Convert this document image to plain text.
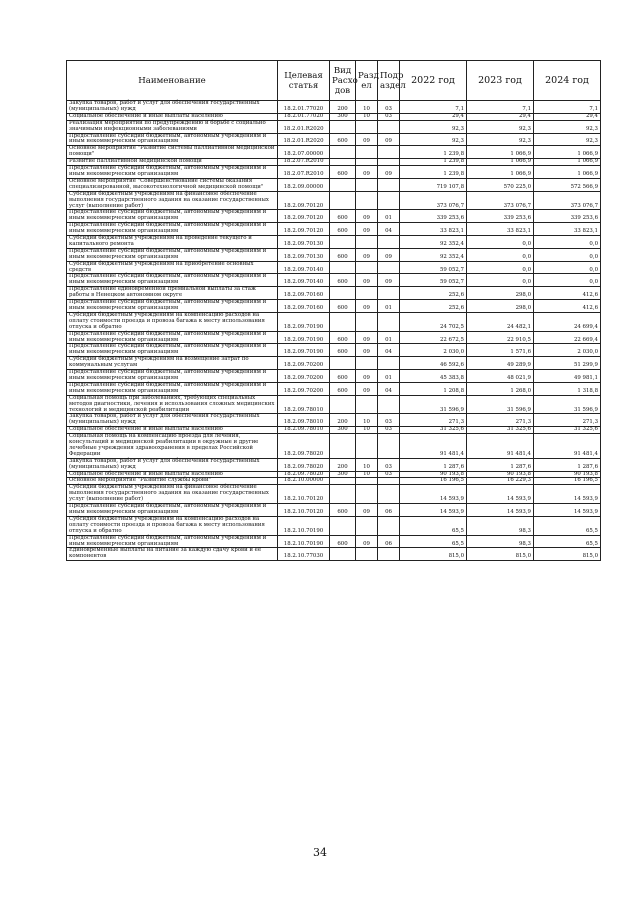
Наименование	Целевая статья	Вид Расхо дов	Разд ел	Подр аздел	2022 год	2023 год	2024 год
Закупка товаров, работ и услуг для обеспечения государственных (муниципальных) нужд	18.2.01.77020	200	10	03	7,1	7,1	7,1
Социальное обеспечение и иные выплаты населению	18.2.01.77020	300	10	03	29,4	29,4	29,4
Реализация мероприятий по предупреждению и борьбе с социально значимыми инфекционными заболеваниями	18.2.01.R2020				92,3	92,3	92,3
Предоставление субсидий бюджетным, автономным учреждениям и иным некоммерческим организациям	18.2.01.R2020	600	09	09	92,3	92,3	92,3
Основное мероприятие "Развитие системы паллиативной медицинской помощи"	18.2.07.00000				1 239,8	1 066,9	1 066,9
Развитие паллиативной медицинской помощи	18.2.07.R2010				1 239,8	1 066,9	1 066,9
Предоставление субсидий бюджетным, автономным учреждениям и иным некоммерческим организациям	18.2.07.R2010	600	09	09	1 239,8	1 066,9	1 066,9
Основное мероприятие "Совершенствование системы оказания специализированной, высокотехнологичной медицинской помощи"	18.2.09.00000				719 107,8	570 225,0	572 566,9
Субсидии бюджетным учреждениям на финансовое обеспечение выполнения государственного задания на оказание государственных услуг (выполнение работ)	18.2.09.70120				373 076,7	373 076,7	373 076,7
Предоставление субсидий бюджетным, автономным учреждениям и иным некоммерческим организациям	18.2.09.70120	600	09	01	339 253,6	339 253,6	339 253,6
Предоставление субсидий бюджетным, автономным учреждениям и иным некоммерческим организациям	18.2.09.70120	600	09	04	33 823,1	33 823,1	33 823,1
Субсидии бюджетным учреждениям на проведение текущего и капитального ремонта	18.2.09.70130				92 352,4	0,0	0,0
Предоставление субсидий бюджетным, автономным учреждениям и иным некоммерческим организациям	18.2.09.70130	600	09	09	92 352,4	0,0	0,0
Субсидии бюджетным учреждениям на приобретение основных средств	18.2.09.70140				59 052,7	0,0	0,0
Предоставление субсидий бюджетным, автономным учреждениям и иным некоммерческим организациям	18.2.09.70140	600	09	09	59 052,7	0,0	0,0
Предоставление единовременной премиальной выплаты за стаж работы в Ненецком автономном округе	18.2.09.70160				252,6	298,0	412,6
Предоставление субсидий бюджетным, автономным учреждениям и иным некоммерческим организациям	18.2.09.70160	600	09	01	252,6	298,0	412,6
Субсидия бюджетным учреждениям на компенсацию расходов на оплату стоимости проезда и провоза багажа к месту использования отпуска и обратно	18.2.09.70190				24 702,5	24 482,1	24 699,4
Предоставление субсидий бюджетным, автономным учреждениям и иным некоммерческим организациям	18.2.09.70190	600	09	01	22 672,5	22 910,5	22 669,4
Предоставление субсидий бюджетным, автономным учреждениям и иным некоммерческим организациям	18.2.09.70190	600	09	04	2 030,0	1 571,6	2 030,0
Субсидии бюджетным учреждениям на возмещение затрат по коммунальным услугам	18.2.09.70200				46 592,6	49 289,9	51 299,9
Предоставление субсидий бюджетным, автономным учреждениям и иным некоммерческим организациям	18.2.09.70200	600	09	01	45 383,8	48 021,9	49 981,1
Предоставление субсидий бюджетным, автономным учреждениям и иным некоммерческим организациям	18.2.09.70200	600	09	04	1 208,8	1 268,0	1 318,8
Социальная помощь при заболеваниях, требующих специальных методов диагностики, лечения и использования сложных медицинских технологий и медицинской реабилитации	18.2.09.78010				31 596,9	31 596,9	31 596,9
Закупка товаров, работ и услуг для обеспечения государственных (муниципальных) нужд	18.2.09.78010	200	10	03	271,3	271,3	271,3
Социальное обеспечение и иные выплаты населению	18.2.09.78010	300	10	03	31 325,6	31 325,6	31 325,6
Социальная помощь на компенсацию проезда для лечения, консультаций и медицинской реабилитации в окружные и другие лечебные учреждения здравоохранения в пределах Российской Федерации	18.2.09.78020				91 481,4	91 481,4	91 481,4
Закупка товаров, работ и услуг для обеспечения государственных (муниципальных) нужд	18.2.09.78020	200	10	03	1 287,6	1 287,6	1 287,6
Социальное обеспечение и иные выплаты населению	18.2.09.78020	300	10	03	90 193,8	90 193,8	90 193,8
Основное мероприятие "Развитие службы крови"	18.2.10.00000				16 196,5	16 229,3	16 196,5
Субсидии бюджетным учреждениям на финансовое обеспечение выполнения государственного задания на оказание государственных услуг (выполнение работ)	18.2.10.70120				14 593,9	14 593,9	14 593,9
Предоставление субсидий бюджетным, автономным учреждениям и иным некоммерческим организациям	18.2.10.70120	600	09	06	14 593,9	14 593,9	14 593,9
Субсидия бюджетным учреждениям на компенсацию расходов на оплату стоимости проезда и провоза багажа к месту использования отпуска и обратно	18.2.10.70190				65,5	98,3	65,5
Предоставление субсидий бюджетным, автономным учреждениям и иным некоммерческим организациям	18.2.10.70190	600	09	06	65,5	98,3	65,5
Единовременные выплаты на питание за каждую сдачу крови и её компонентов	18.2.10.77030				815,0	815,0	815,0
34
